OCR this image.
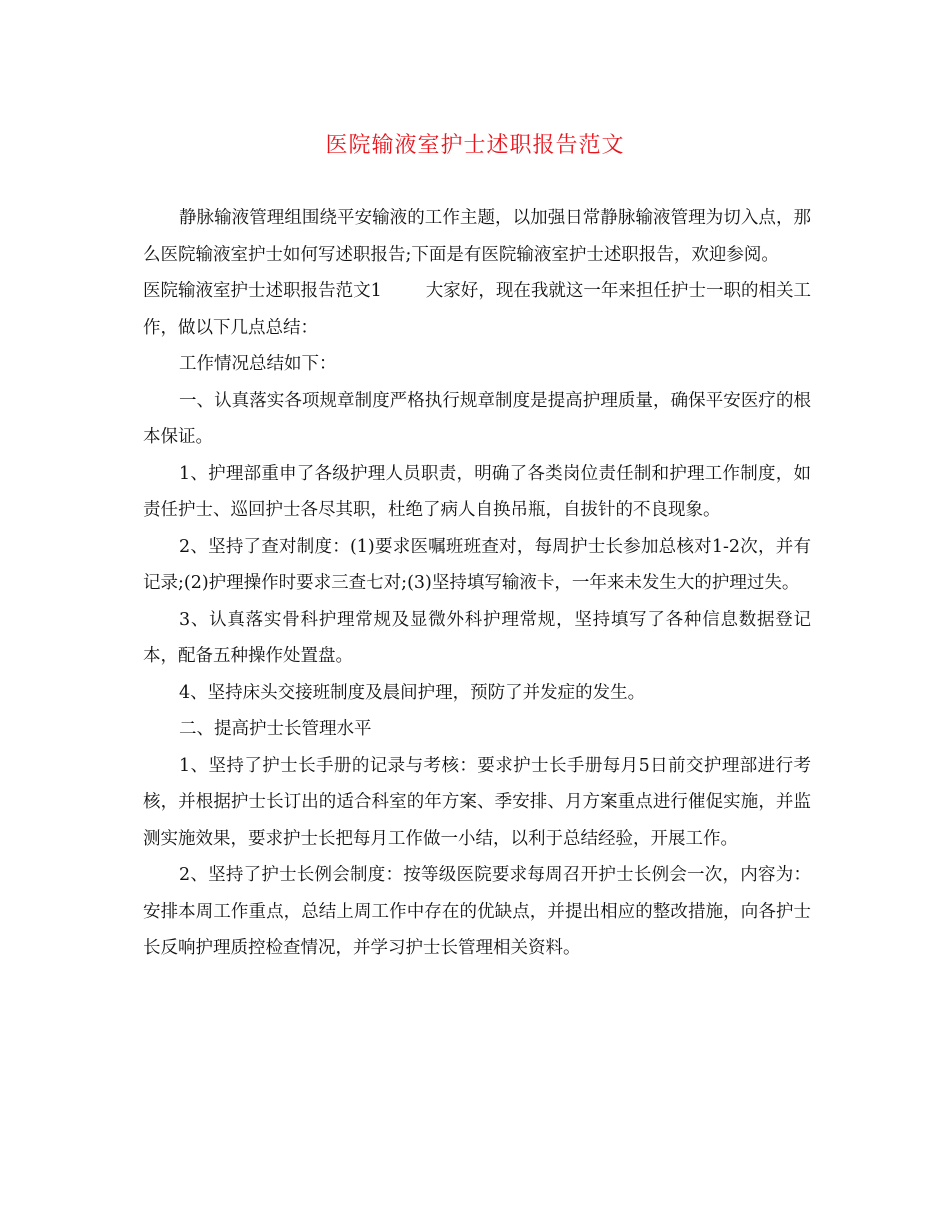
医院输液室护士述职报告范文

静脉输液管理组围绕平安输液的工作主题，以加强日常静脉输液管理为切入点，那么医院输液室护士如何写述职报告;下面是有医院输液室护士述职报告，欢迎参阅。

医院输液室护士述职报告范文1	大家好，现在我就这一年来担任护士一职的相关工作，做以下几点总结：

工作情况总结如下：

一、认真落实各项规章制度严格执行规章制度是提高护理质量，确保平安医疗的根本保证。

1、护理部重申了各级护理人员职责，明确了各类岗位责任制和护理工作制度，如责任护士、巡回护士各尽其职，杜绝了病人自换吊瓶，自拔针的不良现象。

2、坚持了查对制度：(1)要求医嘱班班查对，每周护士长参加总核对1-2次，并有记录;(2)护理操作时要求三查七对;(3)坚持填写输液卡，一年来未发生大的护理过失。

3、认真落实骨科护理常规及显微外科护理常规，坚持填写了各种信息数据登记本，配备五种操作处置盘。

4、坚持床头交接班制度及晨间护理，预防了并发症的发生。

二、提高护士长管理水平

1、坚持了护士长手册的记录与考核：要求护士长手册每月5日前交护理部进行考核，并根据护士长订出的适合科室的年方案、季安排、月方案重点进行催促实施，并监测实施效果，要求护士长把每月工作做一小结，以利于总结经验，开展工作。

2、坚持了护士长例会制度：按等级医院要求每周召开护士长例会一次，内容为：安排本周工作重点，总结上周工作中存在的优缺点，并提出相应的整改措施，向各护士长反响护理质控检查情况，并学习护士长管理相关资料。
